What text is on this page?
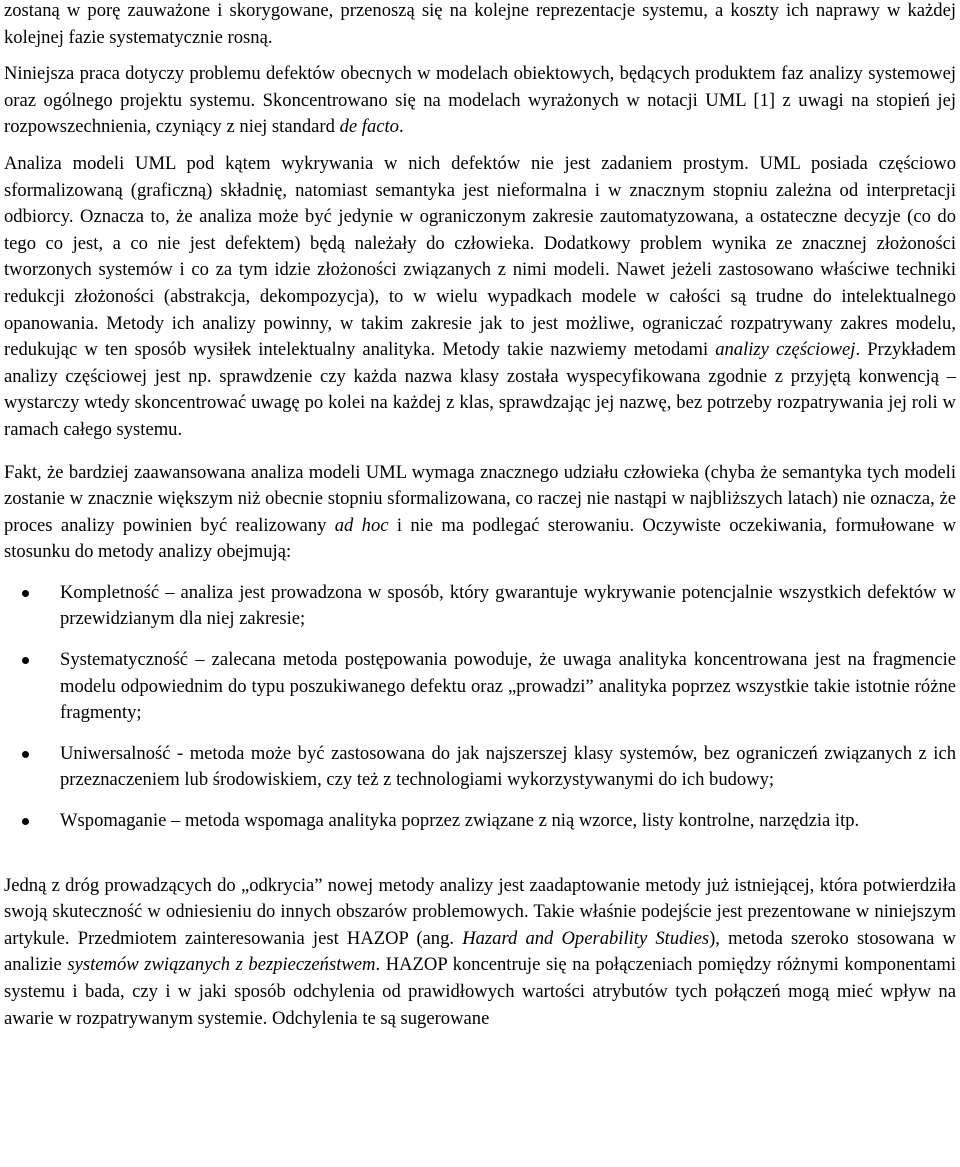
zostaną w porę zauważone i skorygowane, przenoszą się na kolejne reprezentacje systemu, a koszty ich naprawy w każdej kolejnej fazie systematycznie rosną.

Niniejsza praca dotyczy problemu defektów obecnych w modelach obiektowych, będących produktem faz analizy systemowej oraz ogólnego projektu systemu. Skoncentrowano się na modelach wyrażonych w notacji UML [1] z uwagi na stopień jej rozpowszechnienia, czyniący z niej standard de facto.

Analiza modeli UML pod kątem wykrywania w nich defektów nie jest zadaniem prostym. UML posiada częściowo sformalizowaną (graficzną) składnię, natomiast semantyka jest nieformalna i w znacznym stopniu zależna od interpretacji odbiorcy. Oznacza to, że analiza może być jedynie w ograniczonym zakresie zautomatyzowana, a ostateczne decyzje (co do tego co jest, a co nie jest defektem) będą należały do człowieka. Dodatkowy problem wynika ze znacznej złożoności tworzonych systemów i co za tym idzie złożoności związanych z nimi modeli. Nawet jeżeli zastosowano właściwe techniki redukcji złożoności (abstrakcja, dekompozycja), to w wielu wypadkach modele w całości są trudne do intelektualnego opanowania. Metody ich analizy powinny, w takim zakresie jak to jest możliwe, ograniczać rozpatrywany zakres modelu, redukując w ten sposób wysiłek intelektualny analityka. Metody takie nazwiemy metodami analizy częściowej. Przykładem analizy częściowej jest np. sprawdzenie czy każda nazwa klasy została wyspecyfikowana zgodnie z przyjętą konwencją – wystarczy wtedy skoncentrować uwagę po kolei na każdej z klas, sprawdzając jej nazwę, bez potrzeby rozpatrywania jej roli w ramach całego systemu.

Fakt, że bardziej zaawansowana analiza modeli UML wymaga znacznego udziału człowieka (chyba że semantyka tych modeli zostanie w znacznie większym niż obecnie stopniu sformalizowana, co raczej nie nastąpi w najbliższych latach) nie oznacza, że proces analizy powinien być realizowany ad hoc i nie ma podlegać sterowaniu. Oczywiste oczekiwania, formułowane w stosunku do metody analizy obejmują:

Kompletność – analiza jest prowadzona w sposób, który gwarantuje wykrywanie potencjalnie wszystkich defektów w przewidzianym dla niej zakresie;
Systematyczność – zalecana metoda postępowania powoduje, że uwaga analityka koncentrowana jest na fragmencie modelu odpowiednim do typu poszukiwanego defektu oraz „prowadzi” analityka poprzez wszystkie takie istotnie różne fragmenty;
Uniwersalność - metoda może być zastosowana do jak najszerszej klasy systemów, bez ograniczeń związanych z ich przeznaczeniem lub środowiskiem, czy też z technologiami wykorzystywanymi do ich budowy;
Wspomaganie – metoda wspomaga analityka poprzez związane z nią wzorce, listy kontrolne, narzędzia itp.

Jedną z dróg prowadzących do „odkrycia” nowej metody analizy jest zaadaptowanie metody już istniejącej, która potwierdziła swoją skuteczność w odniesieniu do innych obszarów problemowych. Takie właśnie podejście jest prezentowane w niniejszym artykule. Przedmiotem zainteresowania jest HAZOP (ang. Hazard and Operability Studies), metoda szeroko stosowana w analizie systemów związanych z bezpieczeństwem. HAZOP koncentruje się na połączeniach pomiędzy różnymi komponentami systemu i bada, czy i w jaki sposób odchylenia od prawidłowych wartości atrybutów tych połączeń mogą mieć wpływ na awarie w rozpatrywanym systemie. Odchylenia te są sugerowane
